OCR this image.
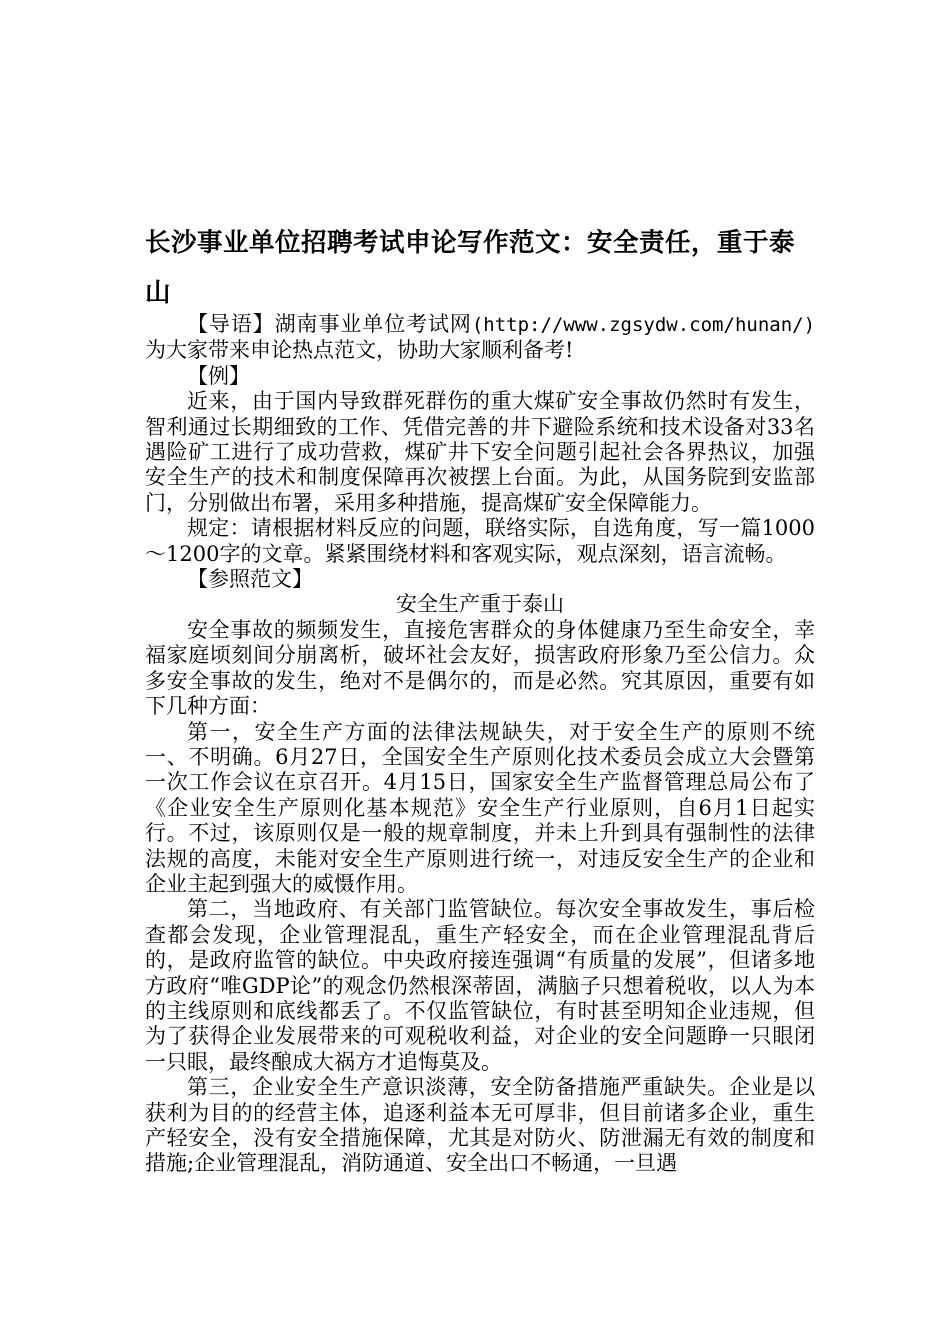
长沙事业单位招聘考试申论写作范文：安全责任，重于泰山

【导语】湖南事业单位考试网(http://www.zgsydw.com/hunan/)为大家带来申论热点范文，协助大家顺利备考!

【例】

近来，由于国内导致群死群伤的重大煤矿安全事故仍然时有发生，智利通过长期细致的工作、凭借完善的井下避险系统和技术设备对33名遇险矿工进行了成功营救，煤矿井下安全问题引起社会各界热议，加强安全生产的技术和制度保障再次被摆上台面。为此，从国务院到安监部门，分别做出布署，采用多种措施，提高煤矿安全保障能力。

规定：请根据材料反应的问题，联络实际，自选角度，写一篇1000～1200字的文章。紧紧围绕材料和客观实际，观点深刻，语言流畅。

【参照范文】

安全生产重于泰山

安全事故的频频发生，直接危害群众的身体健康乃至生命安全，幸福家庭顷刻间分崩离析，破坏社会友好，损害政府形象乃至公信力。众多安全事故的发生，绝对不是偶尔的，而是必然。究其原因，重要有如下几种方面：

第一，安全生产方面的法律法规缺失，对于安全生产的原则不统一、不明确。6月27日，全国安全生产原则化技术委员会成立大会暨第一次工作会议在京召开。4月15日，国家安全生产监督管理总局公布了《企业安全生产原则化基本规范》安全生产行业原则，自6月1日起实行。不过，该原则仅是一般的规章制度，并未上升到具有强制性的法律法规的高度，未能对安全生产原则进行统一，对违反安全生产的企业和企业主起到强大的威慑作用。

第二，当地政府、有关部门监管缺位。每次安全事故发生，事后检查都会发现，企业管理混乱，重生产轻安全，而在企业管理混乱背后的，是政府监管的缺位。中央政府接连强调“有质量的发展”，但诸多地方政府“唯GDP论”的观念仍然根深蒂固，满脑子只想着税收，以人为本的主线原则和底线都丢了。不仅监管缺位，有时甚至明知企业违规，但为了获得企业发展带来的可观税收利益，对企业的安全问题睁一只眼闭一只眼，最终酿成大祸方才追悔莫及。

第三，企业安全生产意识淡薄，安全防备措施严重缺失。企业是以获利为目的的经营主体，追逐利益本无可厚非，但目前诸多企业，重生产轻安全，没有安全措施保障，尤其是对防火、防泄漏无有效的制度和措施;企业管理混乱，消防通道、安全出口不畅通，一旦遇
